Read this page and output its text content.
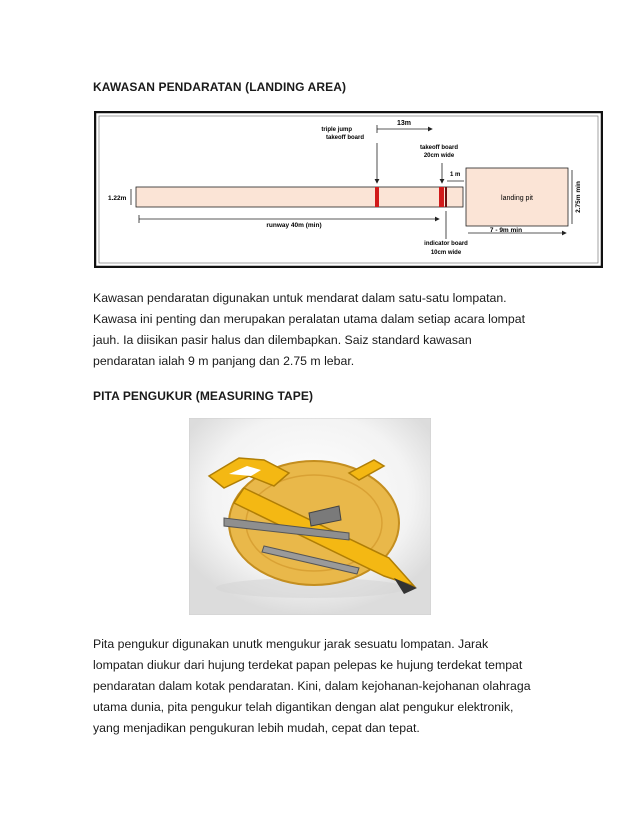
KAWASAN PENDARATAN (LANDING AREA)
13m
triple jump
takeoff board
takeoff board
20cm wide
1 m
1.22m	landing pit	2.75m min
runway 40m (min)
7 - 9m min
indicator board
10cm wide
Kawasan pendaratan digunakan untuk mendarat dalam satu-satu lompatan.
Kawasa ini penting dan merupakan peralatan utama dalam setiap acara lompat
jauh. Ia diisikan pasir halus dan dilembapkan. Saiz standard kawasan
pendaratan ialah 9 m panjang dan 2.75 m lebar.
PITA PENGUKUR (MEASURING TAPE)
Pita pengukur digunakan unutk mengukur jarak sesuatu lompatan. Jarak
lompatan diukur dari hujung terdekat papan pelepas ke hujung terdekat tempat
pendaratan dalam kotak pendaratan. Kini, dalam kejohanan-kejohanan olahraga
utama dunia, pita pengukur telah digantikan dengan alat pengukur elektronik,
yang menjadikan pengukuran lebih mudah, cepat dan tepat.
